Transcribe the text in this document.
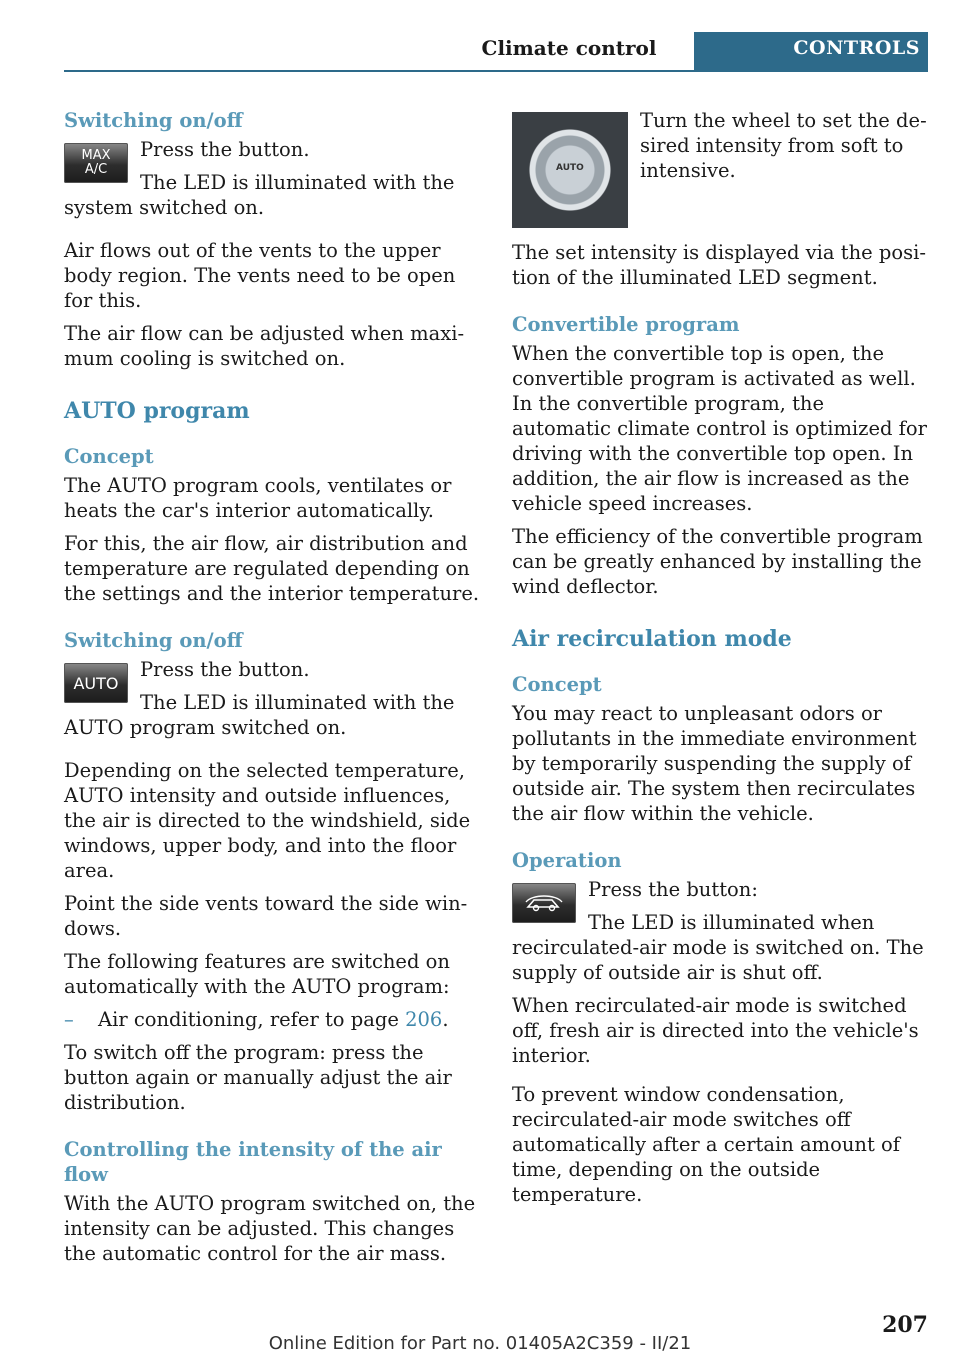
Climate control	CONTROLS
Switching on/off
MAX
A/C

Press the button.

The LED is illuminated with the system switched on.

Air flows out of the vents to the upper body region. The vents need to be open for this.

The air flow can be adjusted when maximum cooling is switched on.

AUTO program
Concept

The AUTO program cools, ventilates or heats the car's interior automatically.

For this, the air flow, air distribution and temperature are regulated depending on the settings and the interior temperature.

Switching on/off
AUTO

Press the button.

The LED is illuminated with the AUTO program switched on.

Depending on the selected temperature, AUTO intensity and outside influences, the air is directed to the windshield, side windows, upper body, and into the floor area.

Point the side vents toward the side windows.

The following features are switched on automatically with the AUTO program:

– Air conditioning, refer to page 206.

To switch off the program: press the button again or manually adjust the air distribution.

Controlling the intensity of the air flow

With the AUTO program switched on, the intensity can be adjusted. This changes the automatic control for the air mass.

AUTO

Turn the wheel to set the desired intensity from soft to intensive.

The set intensity is displayed via the position of the illuminated LED segment.

Convertible program

When the convertible top is open, the convertible program is activated as well. In the convertible program, the automatic climate control is optimized for driving with the convertible top open. In addition, the air flow is increased as the vehicle speed increases.

The efficiency of the convertible program can be greatly enhanced by installing the wind deflector.

Air recirculation mode
Concept

You may react to unpleasant odors or pollutants in the immediate environment by temporarily suspending the supply of outside air. The system then recirculates the air flow within the vehicle.

Operation

Press the button:

The LED is illuminated when recirculated-air mode is switched on. The supply of outside air is shut off.

When recirculated-air mode is switched off, fresh air is directed into the vehicle's interior.

To prevent window condensation, recirculated-air mode switches off automatically after a certain amount of time, depending on the outside temperature.

207
Online Edition for Part no. 01405A2C359 - II/21
